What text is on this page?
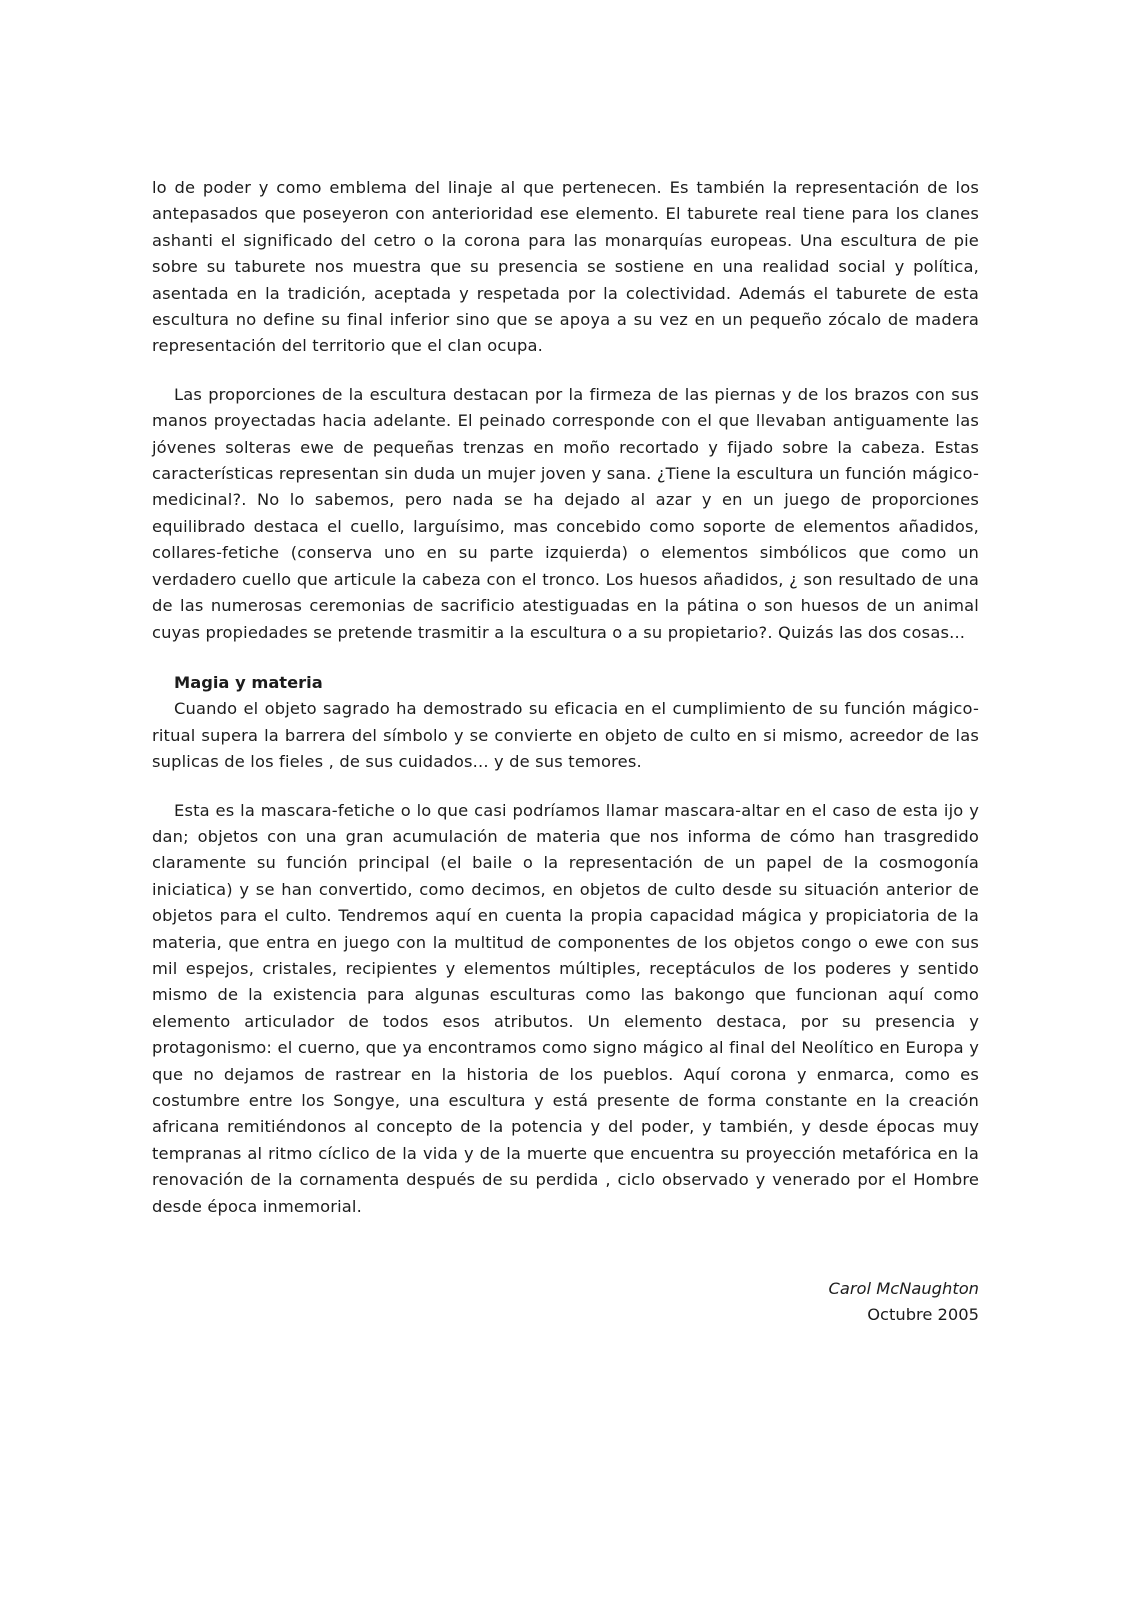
lo de poder y como emblema del linaje al que pertenecen. Es también la representación de los antepasados que poseyeron con anterioridad ese elemento. El taburete real tiene para los clanes ashanti el significado del cetro o la corona para las monarquías europeas. Una escultura de pie sobre su taburete nos muestra que su presencia se sostiene en una realidad social y política, asentada en la tradición, aceptada y respetada por la colectividad. Además el taburete de esta escultura no define su final inferior sino que se apoya a su vez en un pequeño zócalo de madera representación del territorio que el clan ocupa.

Las proporciones de la escultura destacan por la firmeza de las piernas y de los brazos con sus manos proyectadas hacia adelante. El peinado corresponde con el que llevaban antiguamente las jóvenes solteras ewe de pequeñas trenzas en moño recortado y fijado sobre la cabeza. Estas características representan sin duda un mujer joven y sana. ¿Tiene la escultura un función mágico-medicinal?. No lo sabemos, pero nada se ha dejado al azar y en un juego de proporciones equilibrado destaca el cuello, larguísimo, mas concebido como soporte de elementos añadidos, collares-fetiche (conserva uno en su parte izquierda) o elementos simbólicos que como un verdadero cuello que articule la cabeza con el tronco. Los huesos añadidos, ¿ son resultado de una de las numerosas ceremonias de sacrificio atestiguadas en la pátina o son huesos de un animal cuyas propiedades se pretende trasmitir a la escultura o a su propietario?. Quizás las dos cosas...

Magia y materia

Cuando el objeto sagrado ha demostrado su eficacia en el cumplimiento de su función mágico-ritual supera la barrera del símbolo y se convierte en objeto de culto en si mismo, acreedor de las suplicas de los fieles , de sus cuidados... y de sus temores.

Esta es la mascara-fetiche o lo que casi podríamos llamar mascara-altar en el caso de esta ijo y dan; objetos con una gran acumulación de materia que nos informa de cómo han trasgredido claramente su función principal (el baile o la representación de un papel de la cosmogonía iniciatica) y se han convertido, como decimos, en objetos de culto desde su situación anterior de objetos para el culto. Tendremos aquí en cuenta la propia capacidad mágica y propiciatoria de la materia, que entra en juego con la multitud de componentes de los objetos congo o ewe con sus mil espejos, cristales, recipientes y elementos múltiples, receptáculos de los poderes y sentido mismo de la existencia para algunas esculturas como las bakongo que funcionan aquí como elemento articulador de todos esos atributos. Un elemento destaca, por su presencia y protagonismo: el cuerno, que ya encontramos como signo mágico al final del Neolítico en Europa y que no dejamos de rastrear en la historia de los pueblos. Aquí corona y enmarca, como es costumbre entre los Songye, una escultura y está presente de forma constante en la creación africana remitiéndonos al concepto de la potencia y del poder, y también, y desde épocas muy tempranas al ritmo cíclico de la vida y de la muerte que encuentra su proyección metafórica en la renovación de la cornamenta después de su perdida , ciclo observado y venerado por el Hombre desde época inmemorial.

Carol McNaughton
Octubre 2005
